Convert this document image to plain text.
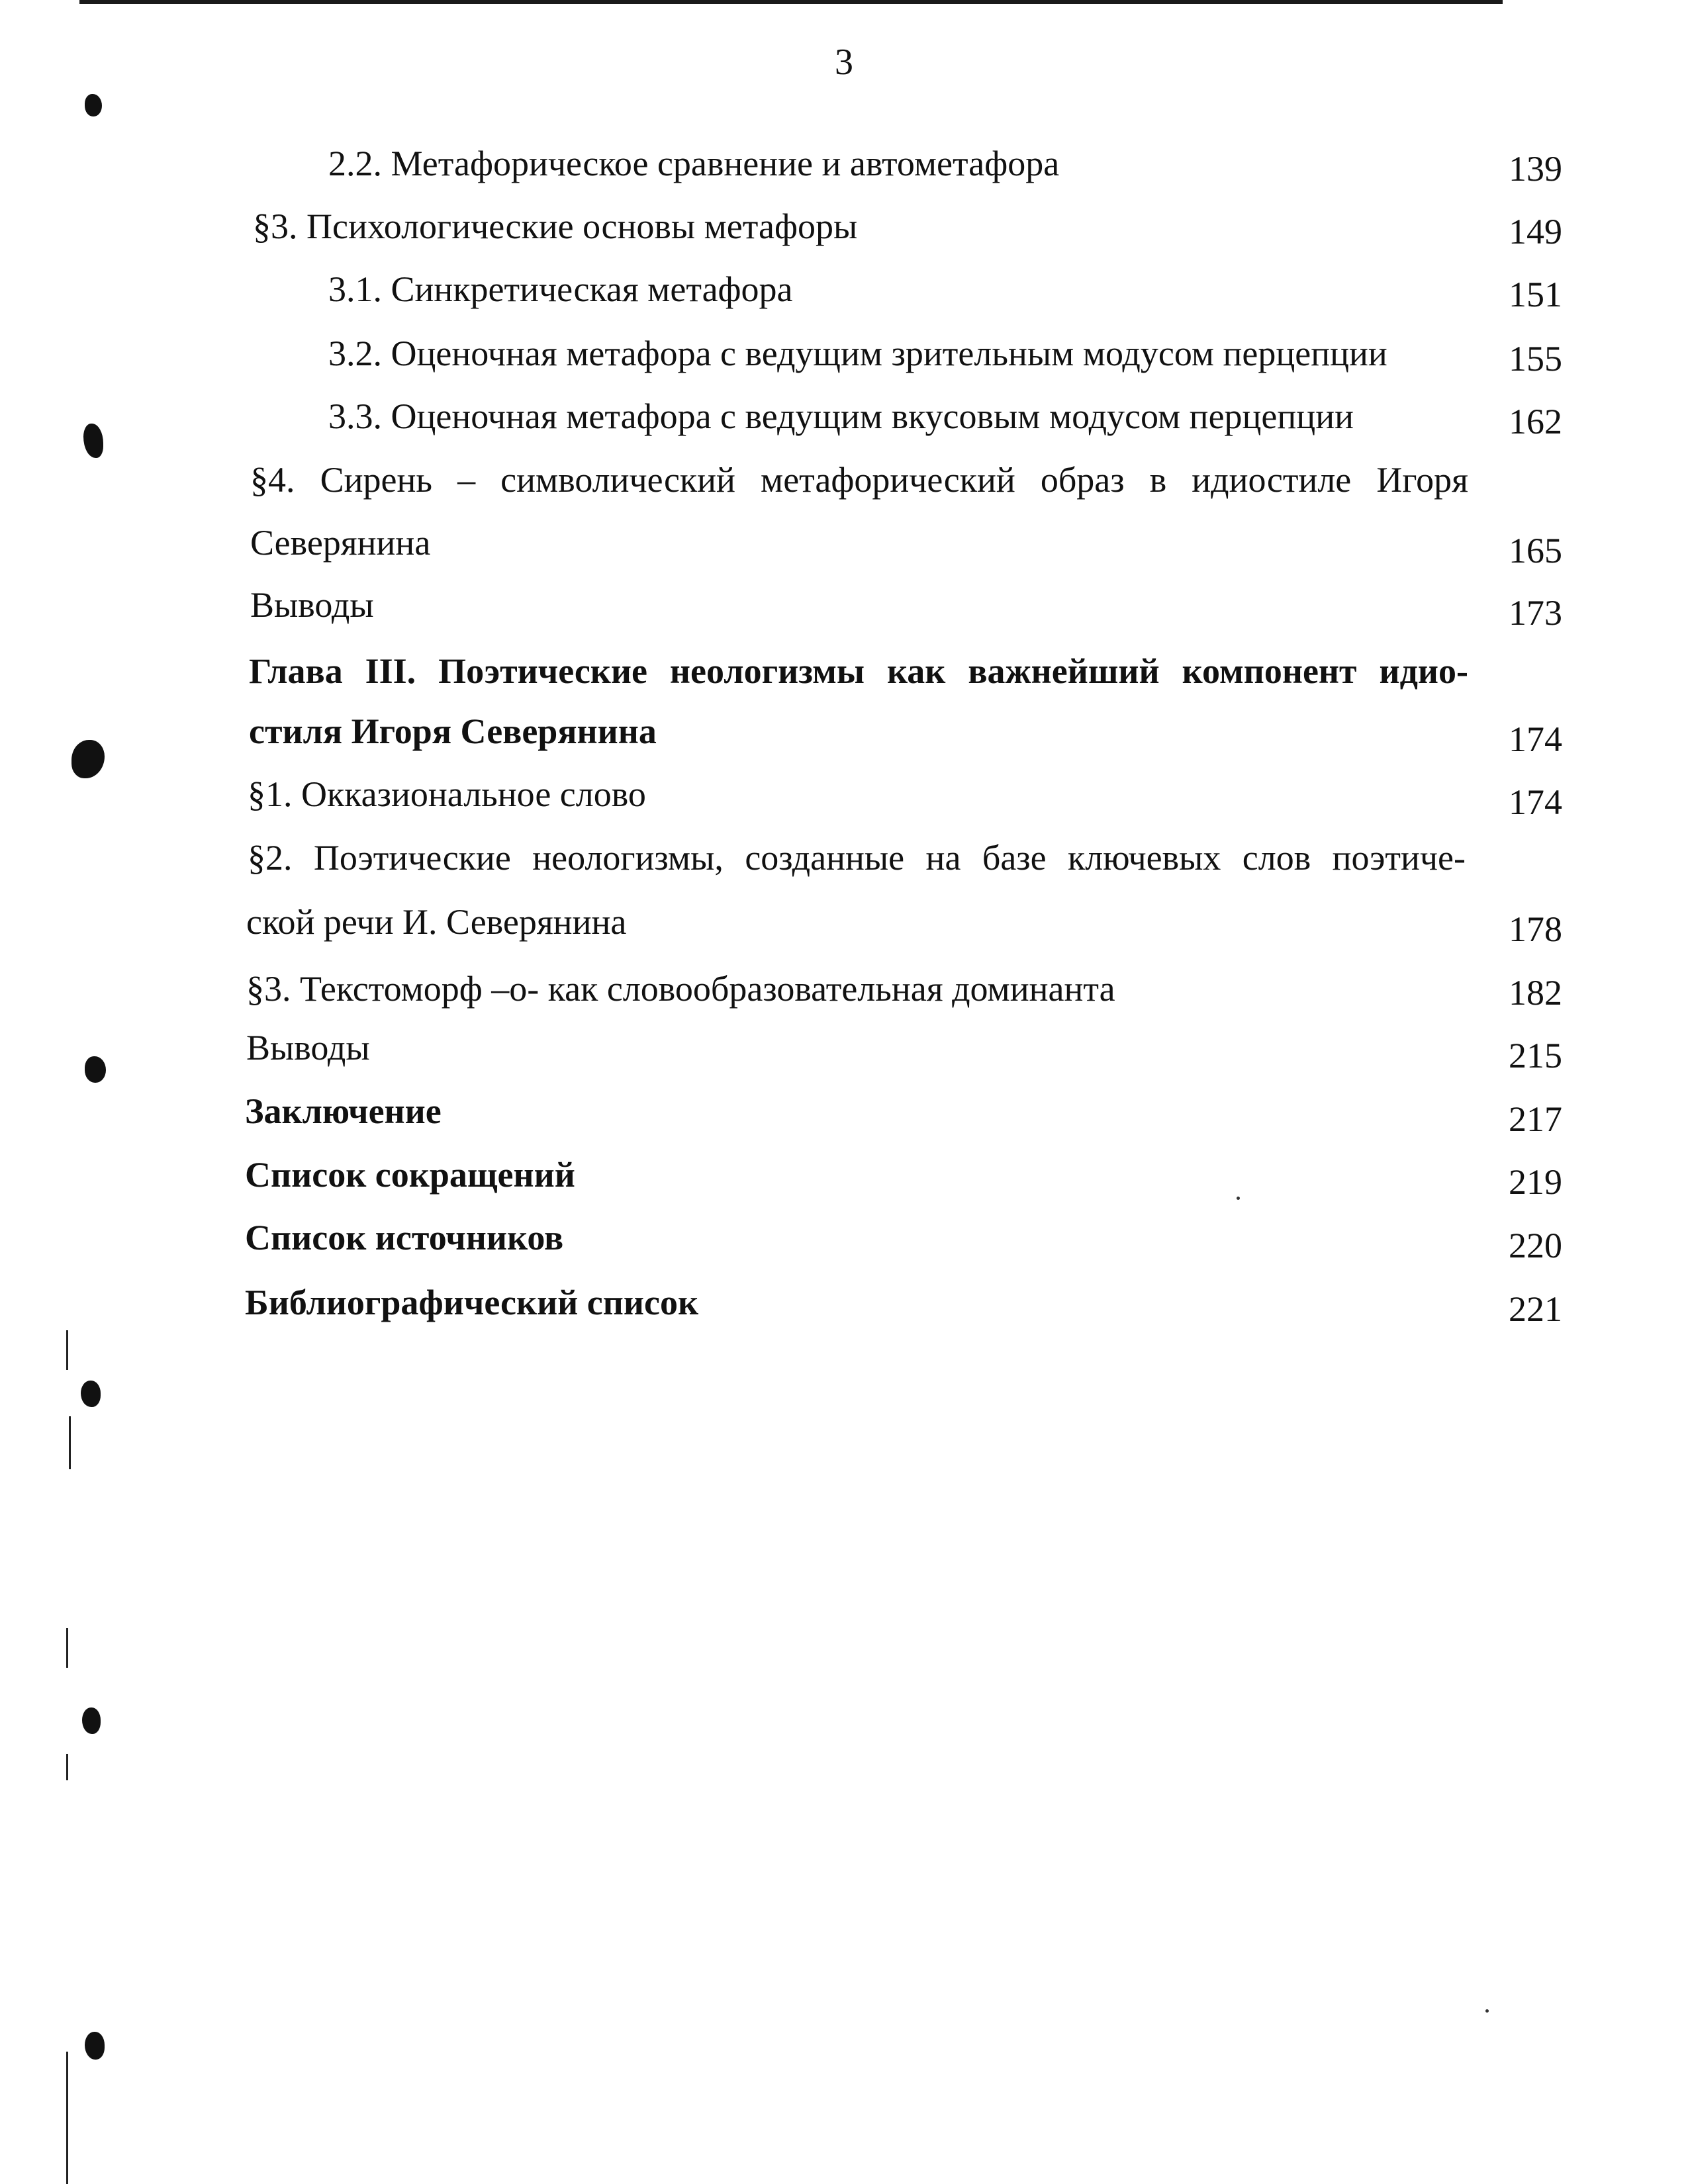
3
2.2. Метафорическое сравнение и автометафора	139
§3. Психологические основы метафоры	149
3.1. Синкретическая метафора	151
3.2. Оценочная метафора с ведущим зрительным модусом перцепции	155
3.3. Оценочная метафора с ведущим вкусовым модусом перцепции	162
§4. Сирень – символический метафорический образ в идиостиле Игоря
Северянина	165
Выводы	173
Глава III. Поэтические неологизмы как важнейший компонент идио-
стиля Игоря Северянина	174
§1. Окказиональное слово	174
§2. Поэтические неологизмы, созданные на базе ключевых слов поэтиче-
ской речи И. Северянина	178
§3. Текстоморф –о- как словообразовательная доминанта	182
Выводы	215
Заключение	217
Список сокращений	219
Список источников	220
Библиографический список	221
